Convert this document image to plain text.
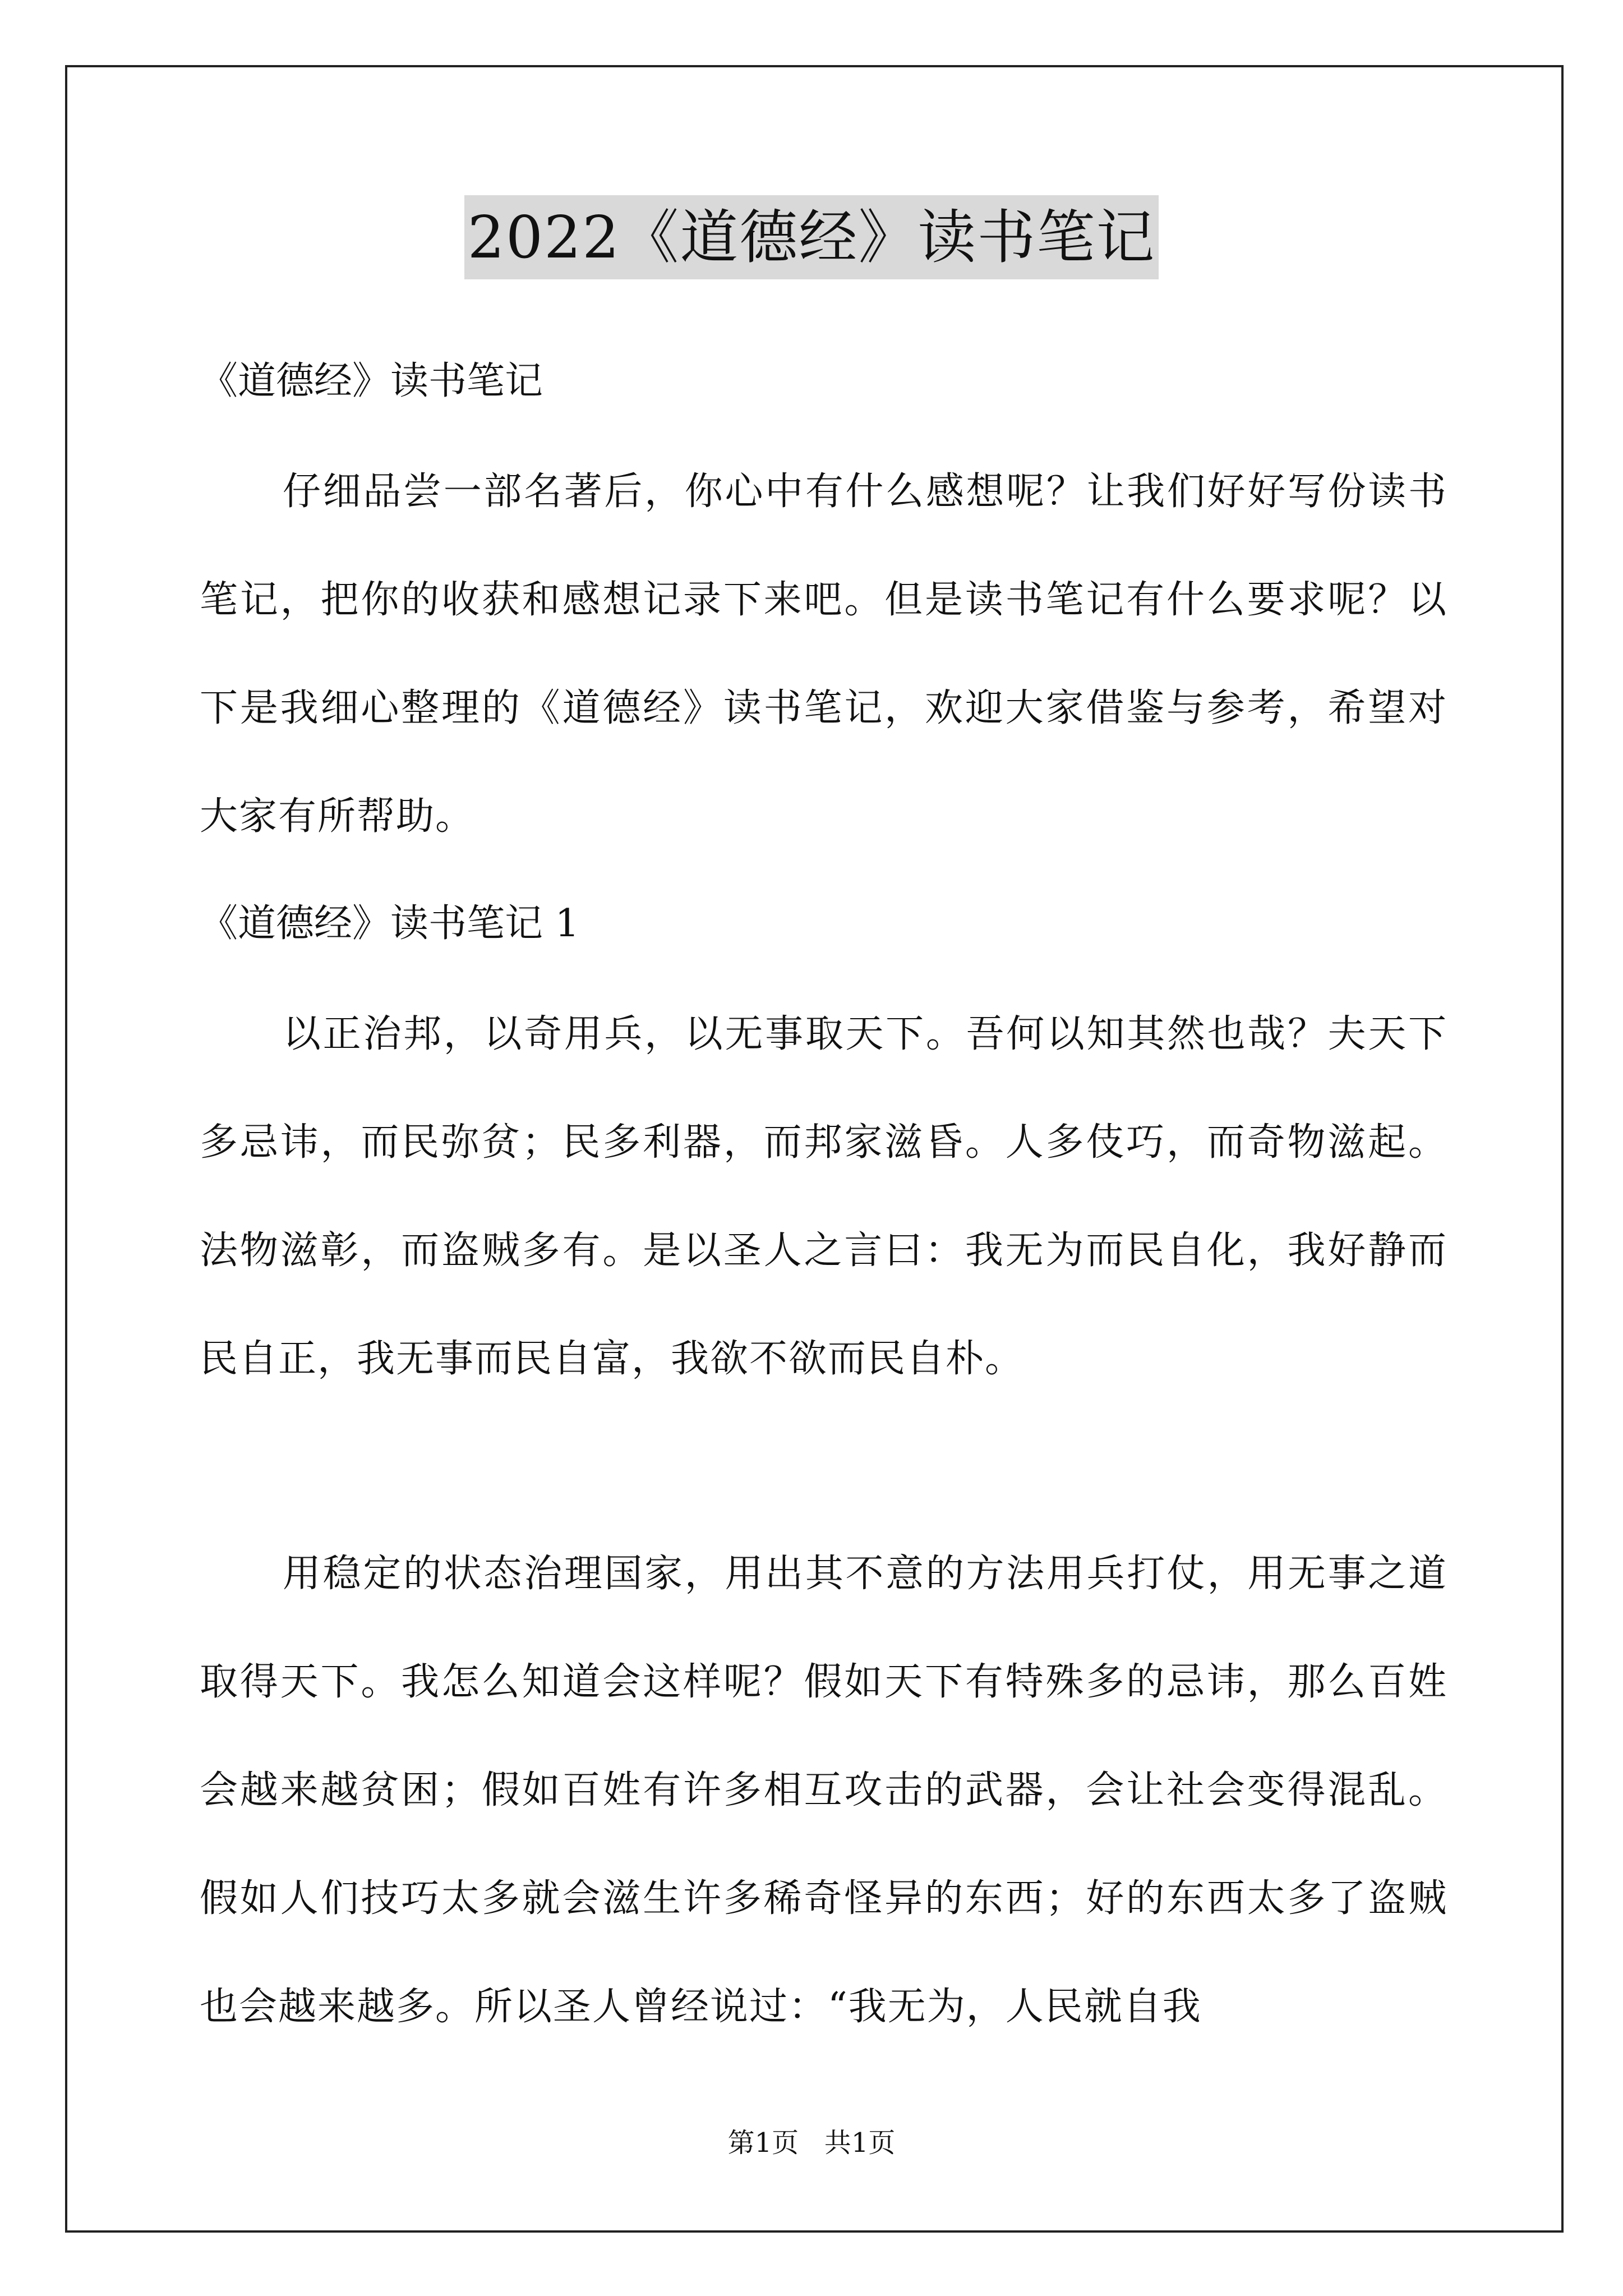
2022《道德经》读书笔记
《道德经》读书笔记
仔细品尝一部名著后，你心中有什么感想呢？让我们好好写份读书笔记，把你的收获和感想记录下来吧。但是读书笔记有什么要求呢？以下是我细心整理的《道德经》读书笔记，欢迎大家借鉴与参考，希望对大家有所帮助。
《道德经》读书笔记 1
以正治邦，以奇用兵，以无事取天下。吾何以知其然也哉？夫天下多忌讳，而民弥贫；民多利器，而邦家滋昏。人多伎巧，而奇物滋起。法物滋彰，而盗贼多有。是以圣人之言曰：我无为而民自化，我好静而民自正，我无事而民自富，我欲不欲而民自朴。
用稳定的状态治理国家，用出其不意的方法用兵打仗，用无事之道取得天下。我怎么知道会这样呢？假如天下有特殊多的忌讳，那么百姓会越来越贫困；假如百姓有许多相互攻击的武器，会让社会变得混乱。假如人们技巧太多就会滋生许多稀奇怪异的东西；好的东西太多了盗贼也会越来越多。所以圣人曾经说过：“我无为，人民就自我
第1页   共1页
